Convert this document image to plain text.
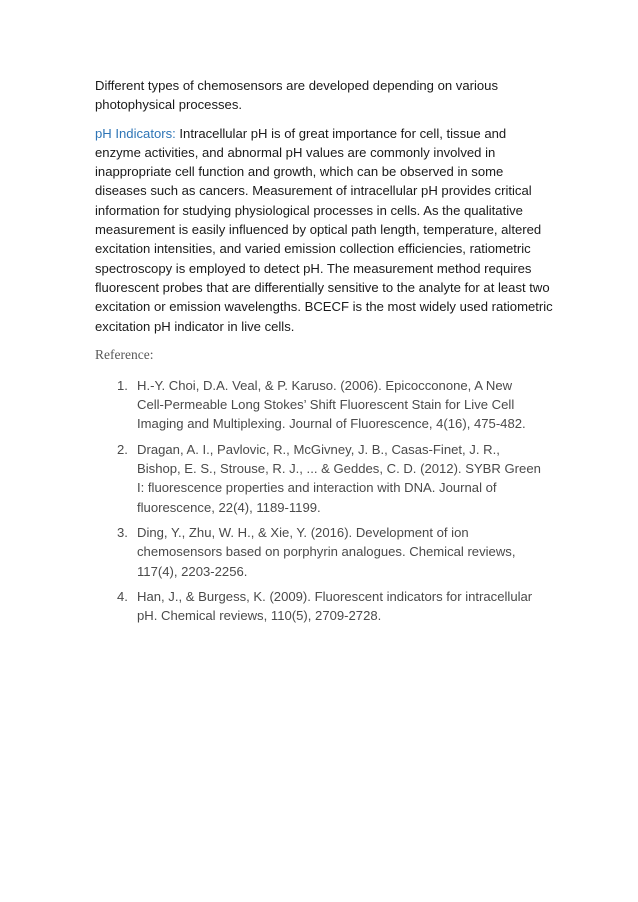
Different types of chemosensors are developed depending on various photophysical processes.

pH Indicators: Intracellular pH is of great importance for cell, tissue and enzyme activities, and abnormal pH values are commonly involved in inappropriate cell function and growth, which can be observed in some diseases such as cancers. Measurement of intracellular pH provides critical information for studying physiological processes in cells. As the qualitative measurement is easily influenced by optical path length, temperature, altered excitation intensities, and varied emission collection efficiencies, ratiometric spectroscopy is employed to detect pH. The measurement method requires fluorescent probes that are differentially sensitive to the analyte for at least two excitation or emission wavelengths. BCECF is the most widely used ratiometric excitation pH indicator in live cells.

Reference:
1. H.-Y. Choi, D.A. Veal, & P. Karuso. (2006). Epicocconone, A New Cell-Permeable Long Stokes’ Shift Fluorescent Stain for Live Cell Imaging and Multiplexing. Journal of Fluorescence, 4(16), 475-482.
2. Dragan, A. I., Pavlovic, R., McGivney, J. B., Casas-Finet, J. R., Bishop, E. S., Strouse, R. J., ... & Geddes, C. D. (2012). SYBR Green I: fluorescence properties and interaction with DNA. Journal of fluorescence, 22(4), 1189-1199.
3. Ding, Y., Zhu, W. H., & Xie, Y. (2016). Development of ion chemosensors based on porphyrin analogues. Chemical reviews, 117(4), 2203-2256.
4. Han, J., & Burgess, K. (2009). Fluorescent indicators for intracellular pH. Chemical reviews, 110(5), 2709-2728.
